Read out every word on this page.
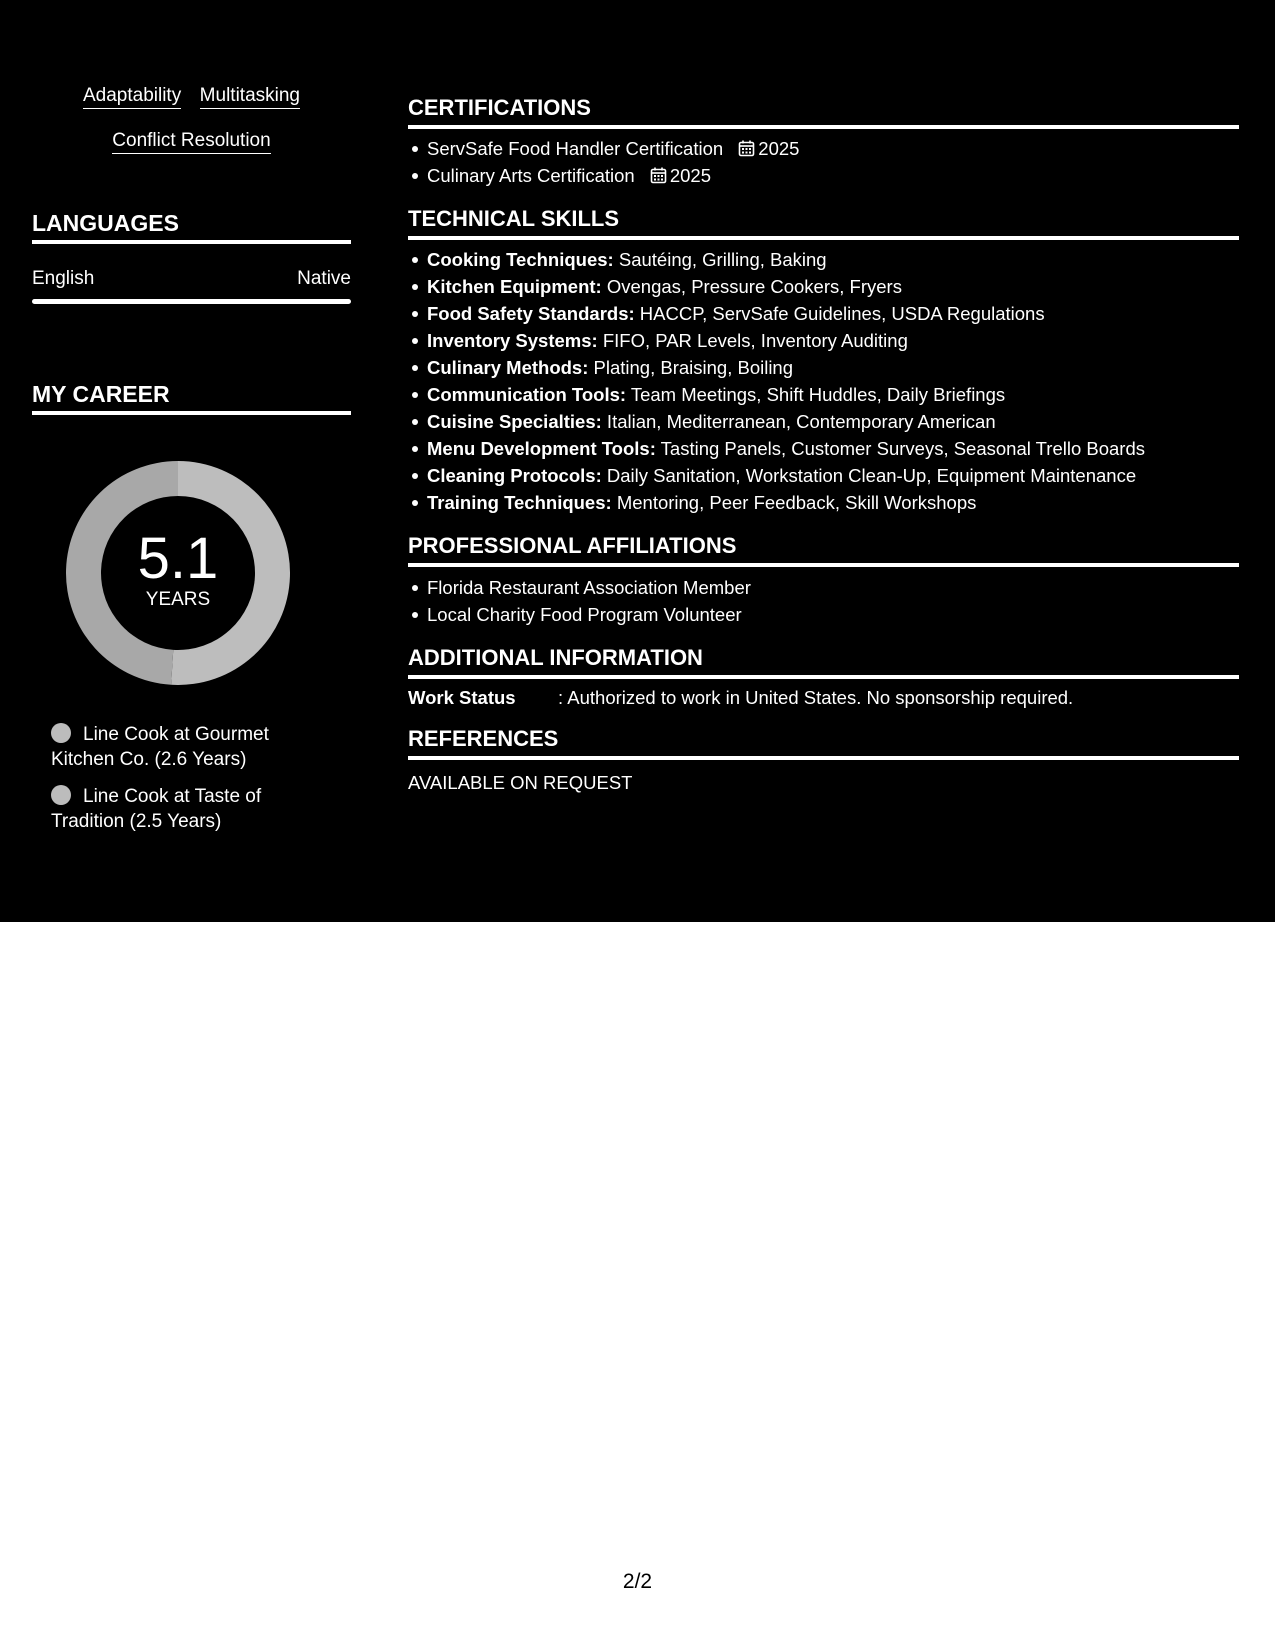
Adaptability Multitasking
Conflict Resolution
LANGUAGES
English	Native
MY CAREER
5.1
YEARS
Line Cook at Gourmet Kitchen Co. (2.6 Years)
Line Cook at Taste of Tradition (2.5 Years)
CERTIFICATIONS
ServSafe Food Handler Certification 2025
Culinary Arts Certification 2025
TECHNICAL SKILLS
Cooking Techniques: Sautéing, Grilling, Baking
Kitchen Equipment: Ovengas, Pressure Cookers, Fryers
Food Safety Standards: HACCP, ServSafe Guidelines, USDA Regulations
Inventory Systems: FIFO, PAR Levels, Inventory Auditing
Culinary Methods: Plating, Braising, Boiling
Communication Tools: Team Meetings, Shift Huddles, Daily Briefings
Cuisine Specialties: Italian, Mediterranean, Contemporary American
Menu Development Tools: Tasting Panels, Customer Surveys, Seasonal Trello Boards
Cleaning Protocols: Daily Sanitation, Workstation Clean-Up, Equipment Maintenance
Training Techniques: Mentoring, Peer Feedback, Skill Workshops
PROFESSIONAL AFFILIATIONS
Florida Restaurant Association Member
Local Charity Food Program Volunteer
ADDITIONAL INFORMATION
Work Status : Authorized to work in United States. No sponsorship required.
REFERENCES
AVAILABLE ON REQUEST
2/2
